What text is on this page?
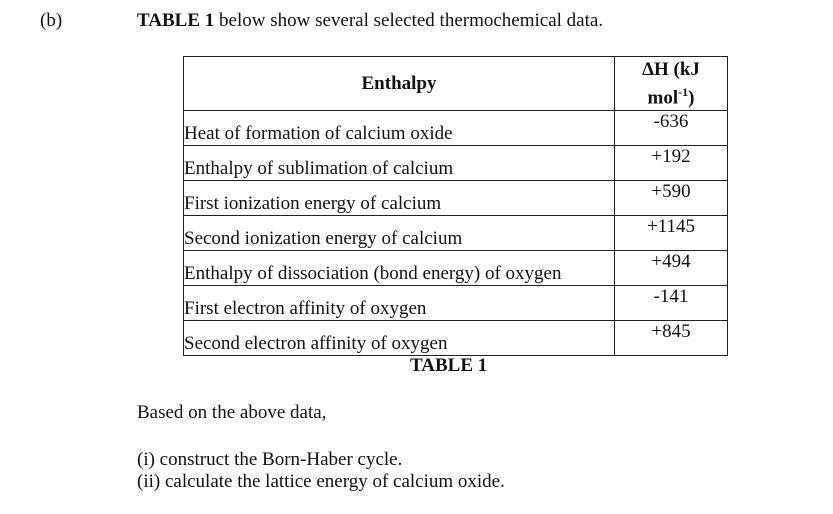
(b)	TABLE 1 below show several selected thermochemical data.
Enthalpy	ΔH (kJ
mol$^{-1}$)
Heat of formation of calcium oxide	-636
Enthalpy of sublimation of calcium	+192
First ionization energy of calcium	+590
Second ionization energy of calcium	+1145
Enthalpy of dissociation (bond energy) of oxygen	+494
First electron affinity of oxygen	-141
Second electron affinity of oxygen	+845
TABLE 1
Based on the above data,
(i) construct the Born-Haber cycle.
(ii) calculate the lattice energy of calcium oxide.
